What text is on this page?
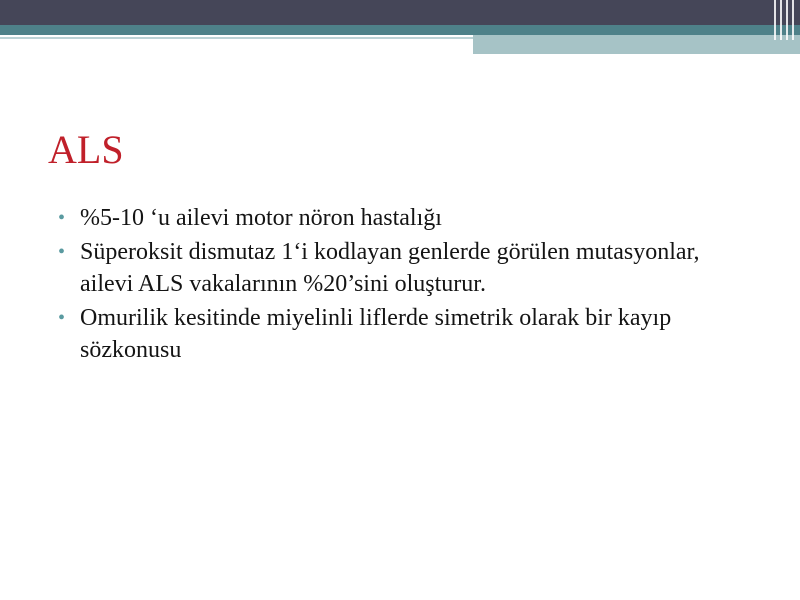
ALS
• %5-10 ‘u ailevi motor nöron hastalığı
• Süperoksit dismutaz 1‘i kodlayan genlerde görülen mutasyonlar, ailevi ALS vakalarının %20’sini oluşturur.
• Omurilik kesitinde miyelinli liflerde simetrik olarak bir kayıp sözkonusu
